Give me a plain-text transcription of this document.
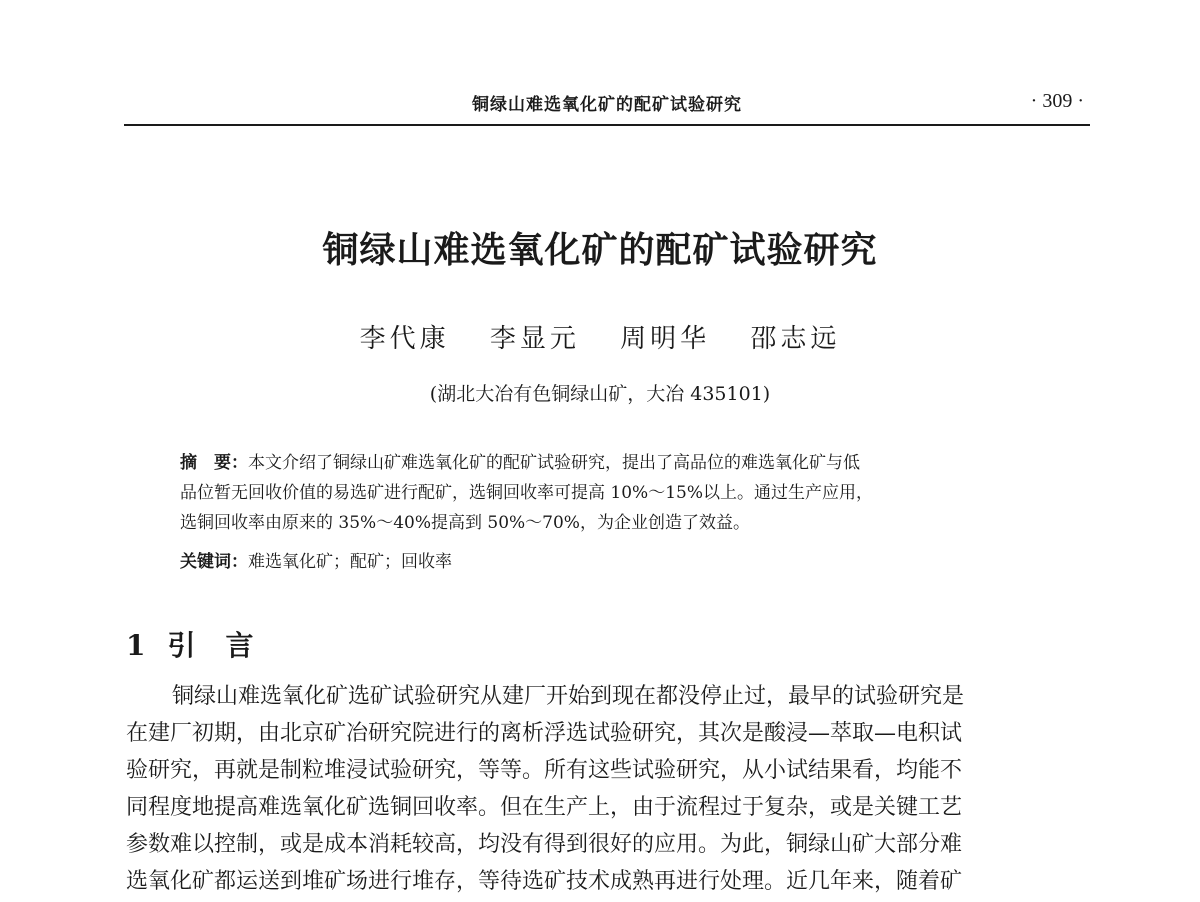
铜绿山难选氧化矿的配矿试验研究	· 309 ·
铜绿山难选氧化矿的配矿试验研究
李代康 李显元 周明华 邵志远
(湖北大冶有色铜绿山矿，大冶 435101)
摘　要：本文介绍了铜绿山矿难选氧化矿的配矿试验研究，提出了高品位的难选氧化矿与低
品位暂无回收价值的易选矿进行配矿，选铜回收率可提高 10%～15%以上。通过生产应用，
选铜回收率由原来的 35%～40%提高到 50%～70%，为企业创造了效益。
关键词：难选氧化矿；配矿；回收率
1 引 言
铜绿山难选氧化矿选矿试验研究从建厂开始到现在都没停止过，最早的试验研究是
在建厂初期，由北京矿冶研究院进行的离析浮选试验研究，其次是酸浸—萃取—电积试
验研究，再就是制粒堆浸试验研究，等等。所有这些试验研究，从小试结果看，均能不
同程度地提高难选氧化矿选铜回收率。但在生产上，由于流程过于复杂，或是关键工艺
参数难以控制，或是成本消耗较高，均没有得到很好的应用。为此，铜绿山矿大部分难
选氧化矿都运送到堆矿场进行堆存，等待选矿技术成熟再进行处理。近几年来，随着矿
